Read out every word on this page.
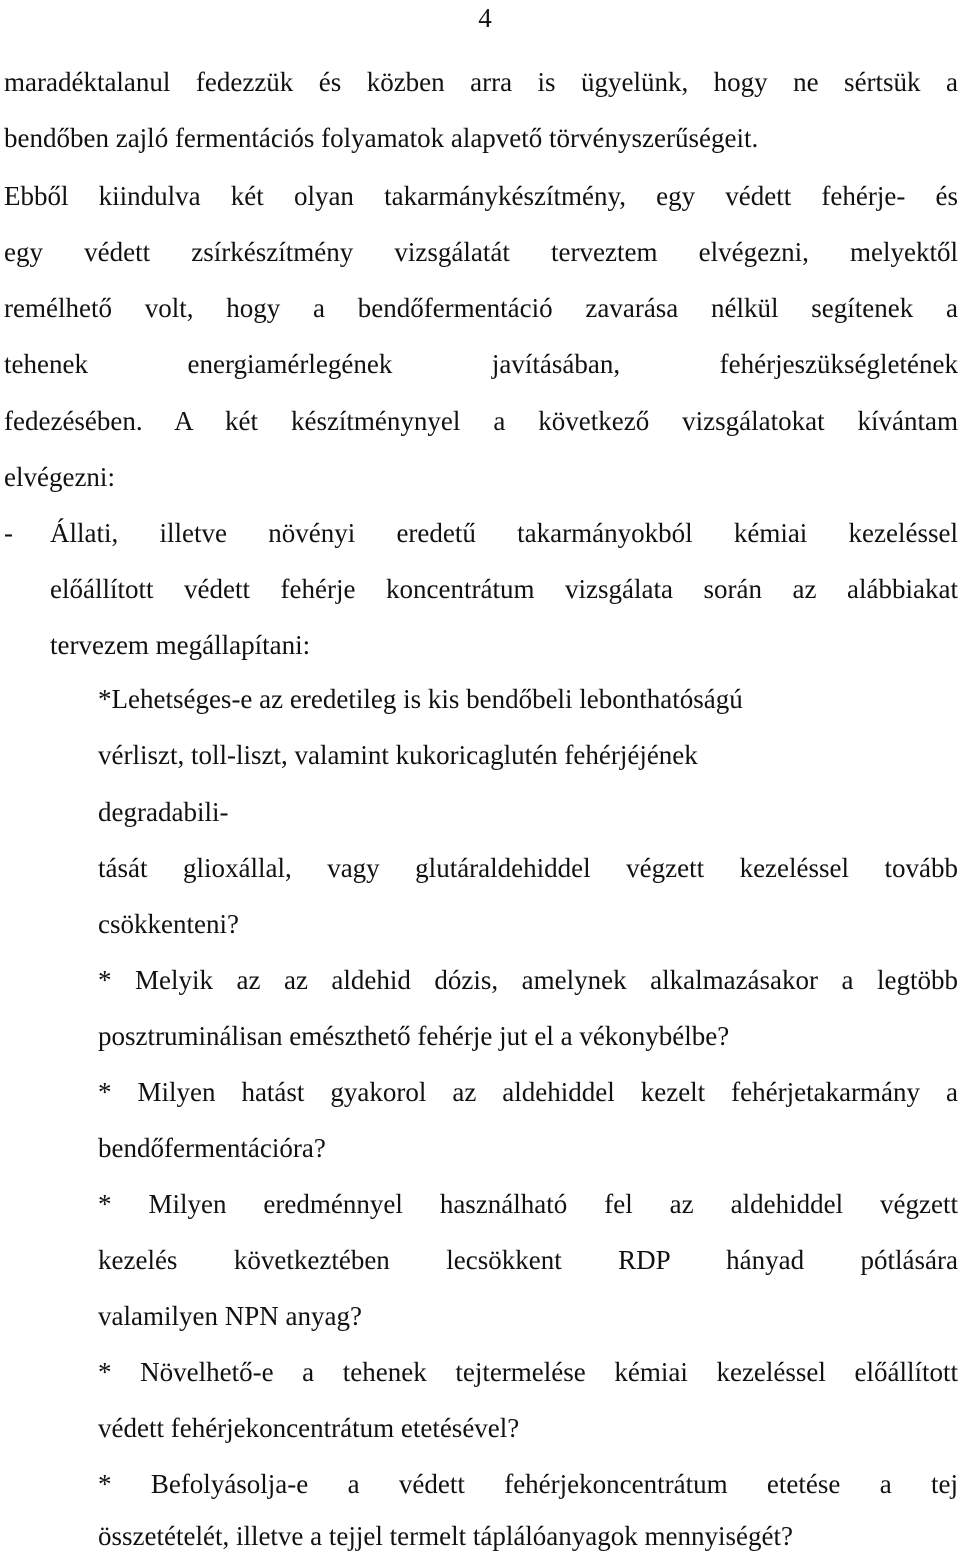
4
maradéktalanul fedezzük és közben arra is ügyelünk, hogy ne sértsük a
bendőben zajló fermentációs folyamatok alapvető törvényszerűségeit.
Ebből kiindulva két olyan takarmánykészítmény, egy védett fehérje- és
egy védett zsírkészítmény vizsgálatát terveztem elvégezni, melyektől
remélhető volt, hogy a bendőfermentáció zavarása nélkül segítenek a
tehenek energiamérlegének javításában, fehérjeszükségletének
fedezésében. A két készítménynyel a következő vizsgálatokat kívántam
elvégezni:
- Állati, illetve növényi eredetű takarmányokból kémiai kezeléssel
előállított védett fehérje koncentrátum vizsgálata során az alábbiakat
tervezem megállapítani:
*Lehetséges-e az eredetileg is kis bendőbeli lebonthatóságú
vérliszt, toll-liszt, valamint kukoricaglutén fehérjéjének
degradabili-
tását glioxállal, vagy glutáraldehiddel végzett kezeléssel tovább
csökkenteni?
* Melyik az az aldehid dózis, amelynek alkalmazásakor a legtöbb
posztruminálisan emészthető fehérje jut el a vékonybélbe?
* Milyen hatást gyakorol az aldehiddel kezelt fehérjetakarmány a
bendőfermentációra?
* Milyen eredménnyel használható fel az aldehiddel végzett
kezelés következtében lecsökkent RDP hányad pótlására
valamilyen NPN anyag?
* Növelhető-e a tehenek tejtermelése kémiai kezeléssel előállított
védett fehérjekoncentrátum etetésével?
* Befolyásolja-e a védett fehérjekoncentrátum etetése a tej
összetételét, illetve a tejjel termelt táplálóanyagok mennyiségét?
